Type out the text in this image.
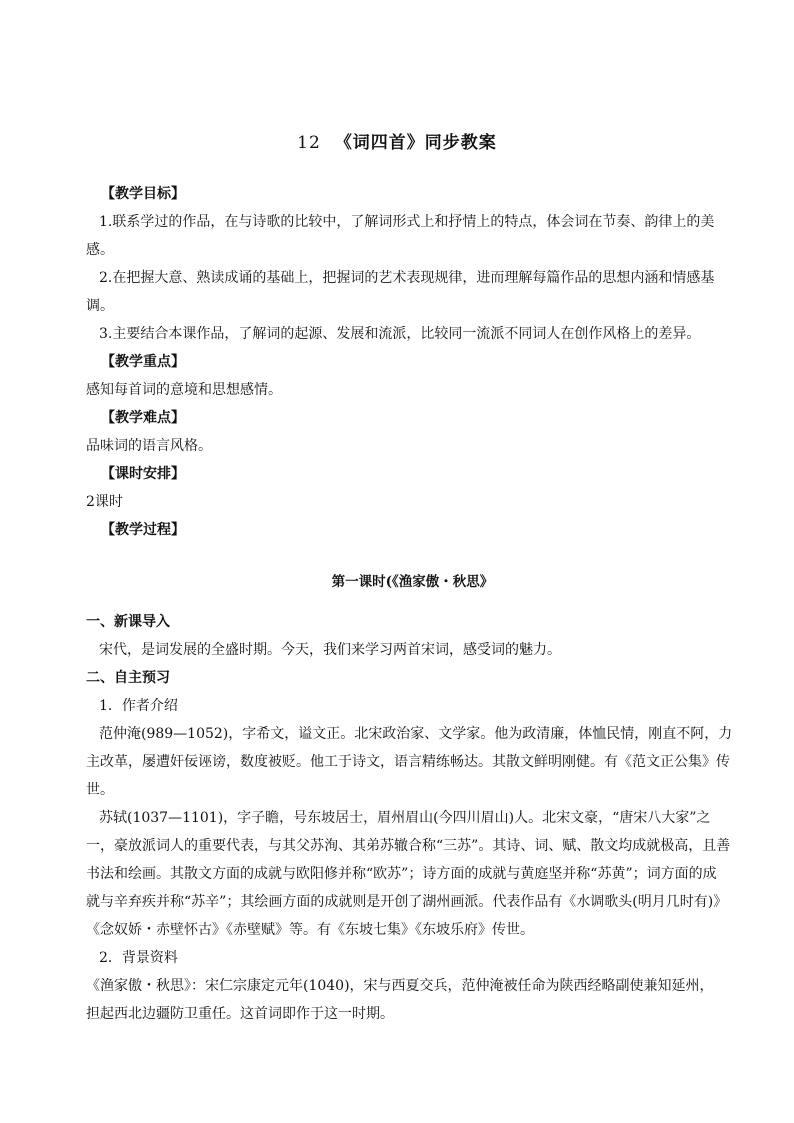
12 《词四首》同步教案
【教学目标】
1.联系学过的作品，在与诗歌的比较中，了解词形式上和抒情上的特点，体会词在节奏、韵律上的美
感。
2.在把握大意、熟读成诵的基础上，把握词的艺术表现规律，进而理解每篇作品的思想内涵和情感基
调。
3.主要结合本课作品，了解词的起源、发展和流派，比较同一流派不同词人在创作风格上的差异。
【教学重点】
感知每首词的意境和思想感情。
【教学难点】
品味词的语言风格。
【课时安排】
2课时
【教学过程】
第一课时(《渔家傲・秋思》
一、新课导入
宋代，是词发展的全盛时期。今天，我们来学习两首宋词，感受词的魅力。
二、自主预习
1．作者介绍
范仲淹(989—1052)，字希文，谥文正。北宋政治家、文学家。他为政清廉，体恤民情，刚直不阿，力
主改革，屡遭奸佞诬谤，数度被贬。他工于诗文，语言精练畅达。其散文鲜明刚健。有《范文正公集》传
世。
苏轼(1037—1101)，字子瞻，号东坡居士，眉州眉山(今四川眉山)人。北宋文豪，“唐宋八大家”之
一，豪放派词人的重要代表，与其父苏洵、其弟苏辙合称“三苏”。其诗、词、赋、散文均成就极高，且善
书法和绘画。其散文方面的成就与欧阳修并称“欧苏”；诗方面的成就与黄庭坚并称“苏黄”；词方面的成
就与辛弃疾并称“苏辛”；其绘画方面的成就则是开创了湖州画派。代表作品有《水调歌头(明月几时有)》
《念奴娇・赤壁怀古》《赤壁赋》等。有《东坡七集》《东坡乐府》传世。
2．背景资料
《渔家傲・秋思》：宋仁宗康定元年(1040)，宋与西夏交兵，范仲淹被任命为陕西经略副使兼知延州，
担起西北边疆防卫重任。这首词即作于这一时期。
